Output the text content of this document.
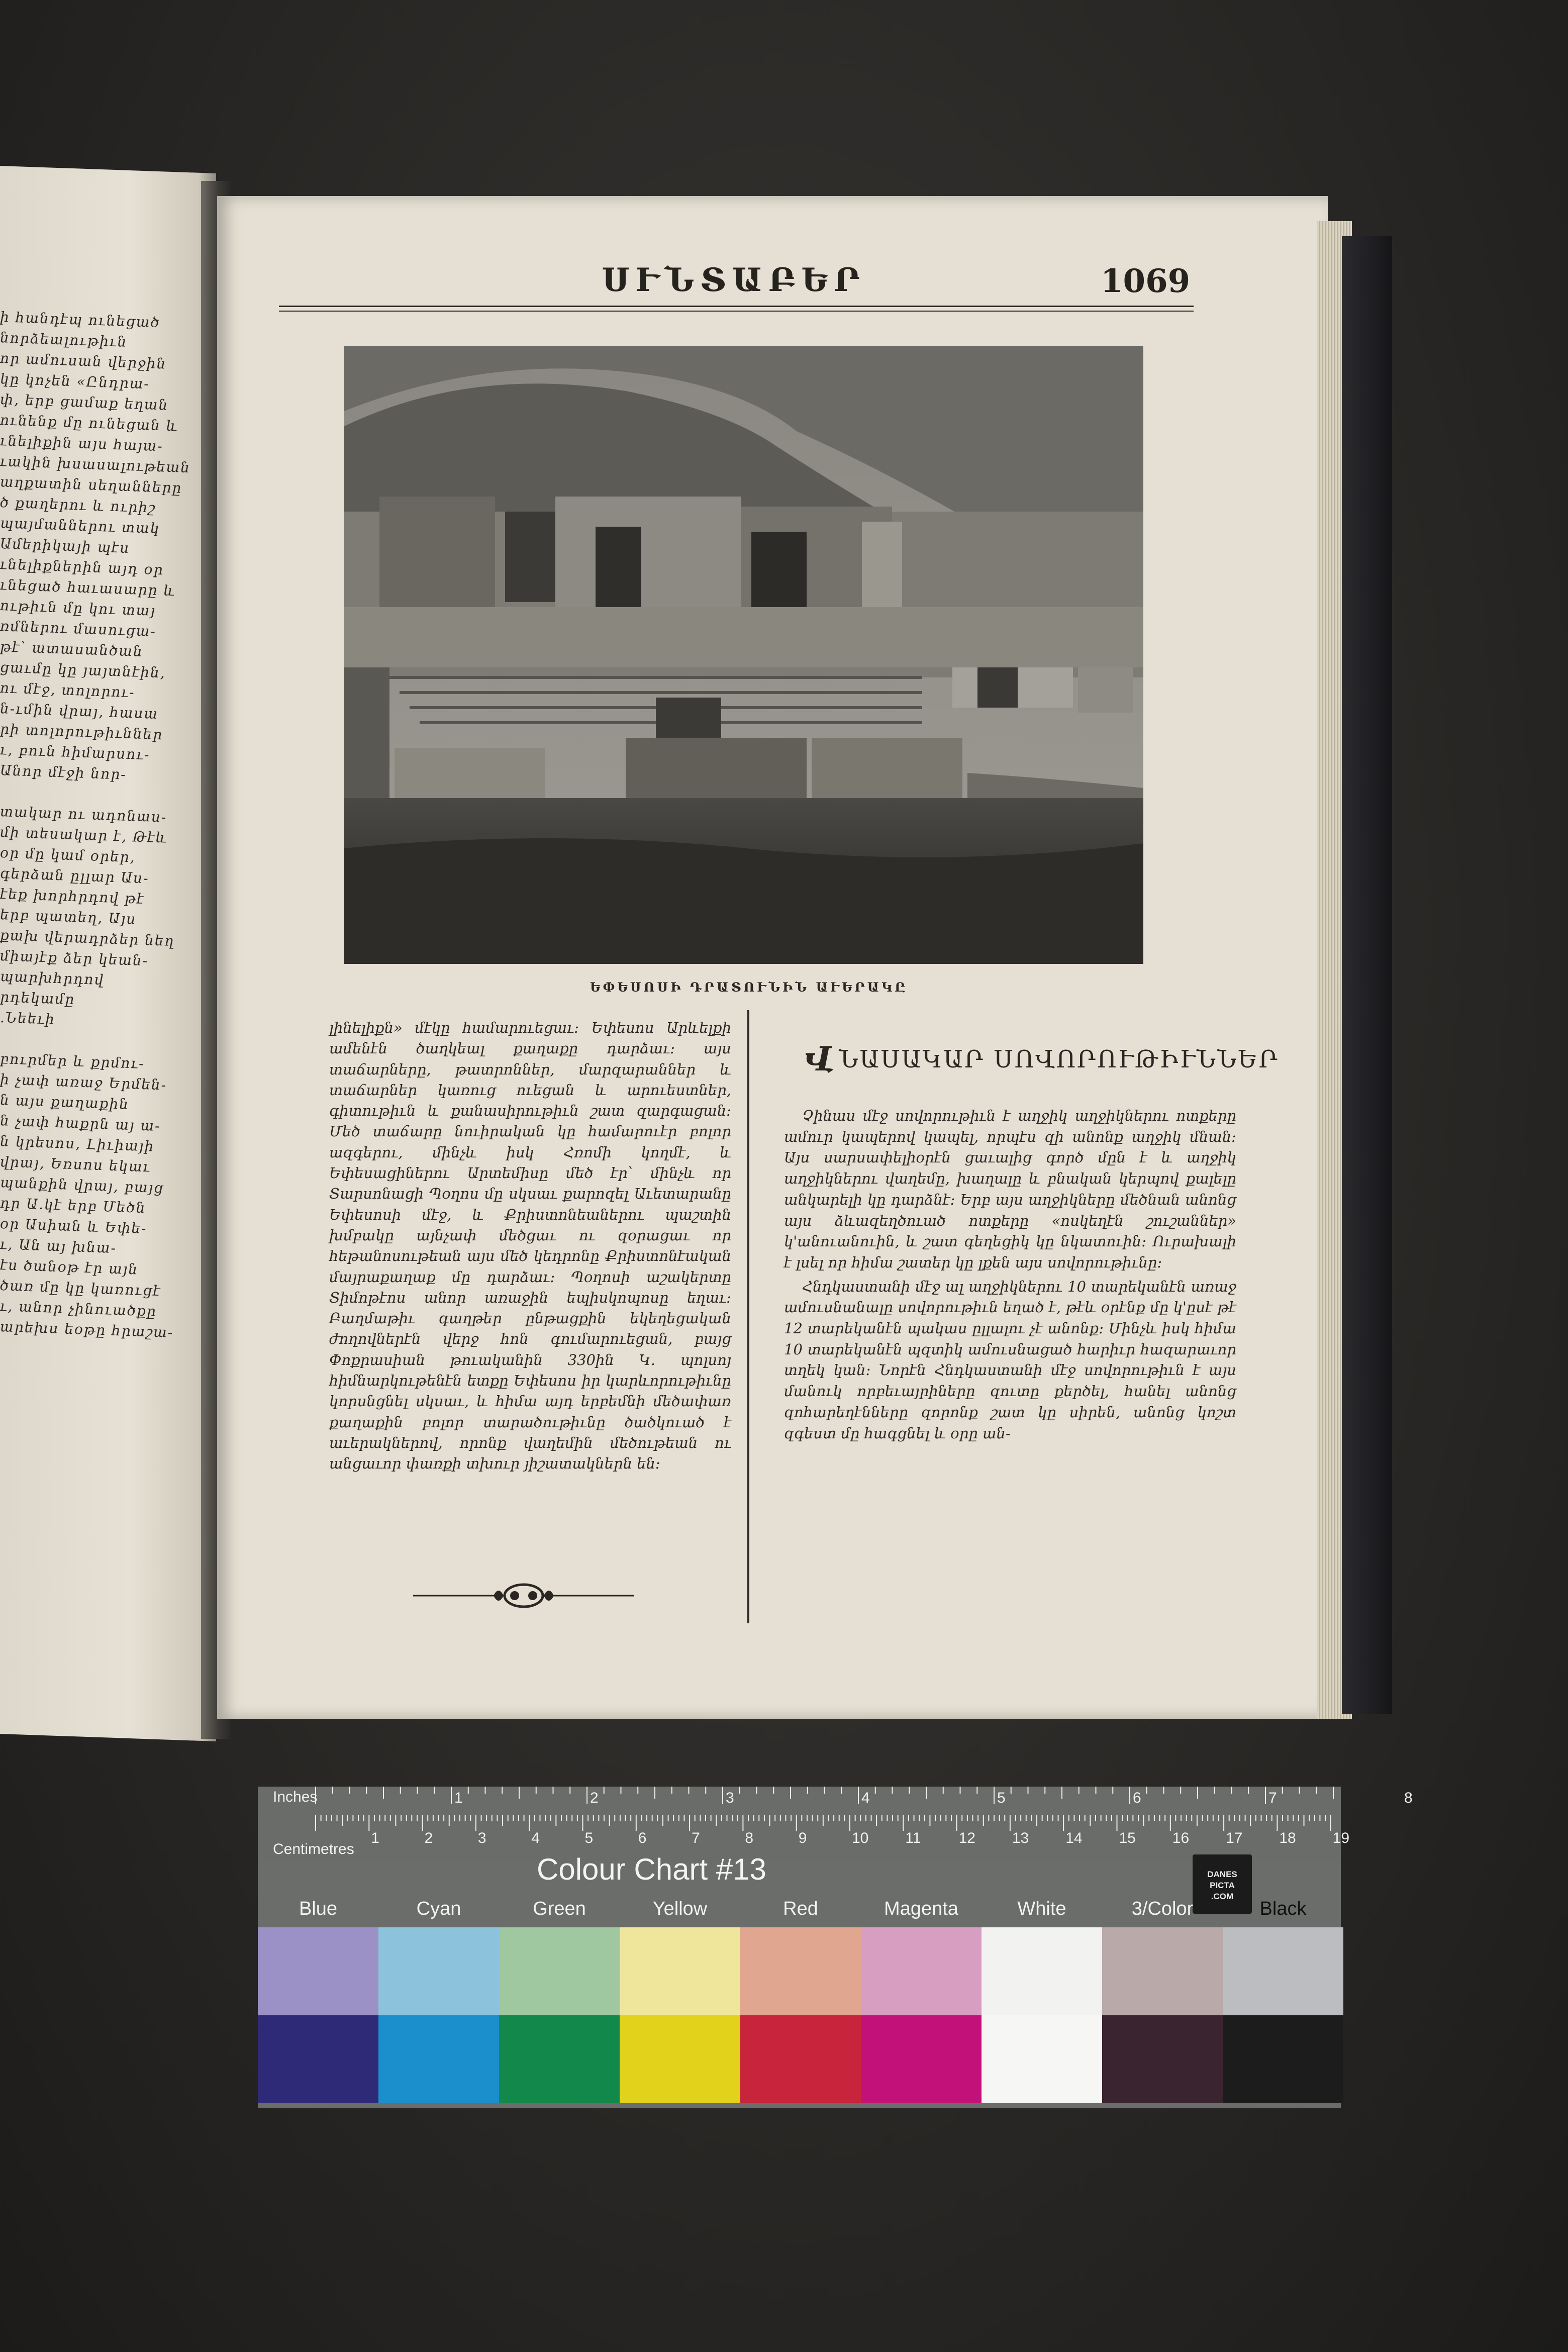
ի հանդէպ ունեցած
նորձեալութիւն
որ ամուսան վերջին
կը կոչեն «Ընդրա-
փ, երբ ցամաք եղան
ունենք մը ունեցան և
ւնելիքին այս հայա-
ւակին խսասալութեան
աղքատին սեղանները
ծ քաղերու և ուրիշ
պայմաններու տակ
Ամերիկայի պէս
ւնելիքներին այդ օր
ւնեցած հաւասարը և
ութիւն մը կու տայ
ռմներու մասուցա-
թէ՝ ատասանծան
ցաւմը կը յայտնէին,
ու մէջ, տոլորու-
ն-ւմին վրայ, հասա
րի տոլորութիւններ
ւ, բուն հիմարսու-
Անոր մէջի նոր-

տակար ու ադոնաս-
մի տեսակար է, Թէև
օր մը կամ օրեր,
գերձան ըլլար Աս-
էեք խորհրդով թէ
երբ պատեղ, Այս
քախ վերադրձեր նեղ
միայէք ձեր կեան-
պարխհրդով
րդեկամը
.Նեեւի

բուրմեր և քրմու-
ի չափ առաջ Երմեն-
ն այս քաղաքին
ն չափ հաքրն այ ա-
ն կրեսոս, Լիւիայի
վրայ, Եռսոս եկաւ
պանքին վրայ, բայց
դր Ա.կէ երբ Մեծն
օր Ասիան և Եփե-
ւ, Ան այ խնա-
էս ծանօթ էր այն
ծառ մը կը կառուցէ
ւ, անոր չինուածքը
արեխս եօթը հրաշա-
ՍՒՆՏԱԲԵՐ	1069
ԵՓԵՍՈՍԻ ԴՐԱՏՈՒՆԻՆ ԱՒԵՐԱԿԸ

լինելիքն» մէկը համարուեցաւ։ Եփեսոս Արևելքի ամենէն ծաղկեալ քաղաքը դարձաւ։ այս տաճարները, թատրոններ, մարզարաններ և տաճարներ կառուց ուեցան և արուեստներ, գիտութիւն և քանասիրութիւն շատ զարգացան։ Մեծ տաճարը նուիրական կը համարուէր բոլոր ազգերու, մինչև իսկ Հռոմի կողմէ, և Եփեսացիներու Արտեմիսը մեծ էր՝ մինչև որ Տարսոնացի Պօղոս մը սկսաւ քարոզել Աւետարանը Եփեսոսի մէջ, և Քրիստոնեաներու պաշտին խմբակը այնչափ մեծցաւ ու զօրացաւ որ հեթանոսութեան այս մեծ կեդրոնը Քրիստոնէական մայրաքաղաք մը դարձաւ։ Պօղոսի աշակերտը Տիմոթէոս անոր առաջին եպիսկոպոսը եղաւ։ Բաղմաթիւ գաղթեր ընթացքին եկեղեցական ժողովներէն վերջ հոն գումարուեցան, բայց Փոքրասիան թուականին 330ին Կ. պոլսոյ հիմնարկութենէն ետքը Եփեսոս իր կարևորութիւնը կորսնցնել սկսաւ, և հիմա այդ երբեմնի մեծափառ քաղաքին բոլոր տարածութիւնը ծածկուած է աւերակներով, որոնք վաղեմին մեծութեան ու անցաւոր փառքի տխուր յիշատակներն են։

Վ ՆԱՍԱԿԱՐ ՍՈՎՈՐՈՒԹԻՒՆՆԵՐ

Չինաս մէջ սովորութիւն է աղջիկ աղջիկներու ոտքերը ամուր կապերով կապել, որպէս զի անոնք աղջիկ մնան։ Այս սարսափելիօրէն ցաւալից գործ մըն է և աղջիկ աղջիկներու վաղեմը, խաղալը և բնական կերպով քալելը անկարելի կը դարձնէ։ Երբ այս աղջիկները մեծնան անոնց այս ձևազեղծուած ոտքերը «ոսկեղէն շուշաններ» կ'անուանուին, և շատ գեղեցիկ կը նկատուին։ Ուրախալի է լսել որ հիմա շատեր կը լքեն այս սովորութիւնը։

Հնդկաստանի մէջ ալ աղջիկներու 10 տարեկանէն առաջ ամուսնանալը սովորութիւն եղած է, թէև օրէնք մը կ'ըսէ թէ 12 տարեկանէն պակաս ըլլալու չէ անոնք։ Մինչև իսկ հիմա 10 տարեկանէն պզտիկ ամուսնացած հարիւր հազարաւոր տղեկ կան։ Նորէն Հնդկաստանի մէջ սովորութիւն է այս մանուկ որբեւայրիները զուտը քերծել, հանել անոնց զոհարեղէնները զորոնք շատ կը սիրեն, անոնց կոշտ զգեստ մը հագցնել և օրը ան-

1	2	3	4	5	6	7	8
1	2	3	4	5	6	7	8	9	10 11	12 13 14 15 16 17 18 19
Inches
Centimetres
Colour Chart #13	DANES
PICTA
.COM
Blue	Cyan	Green	Yellow	Red	Magenta	White	3/Color	Black
